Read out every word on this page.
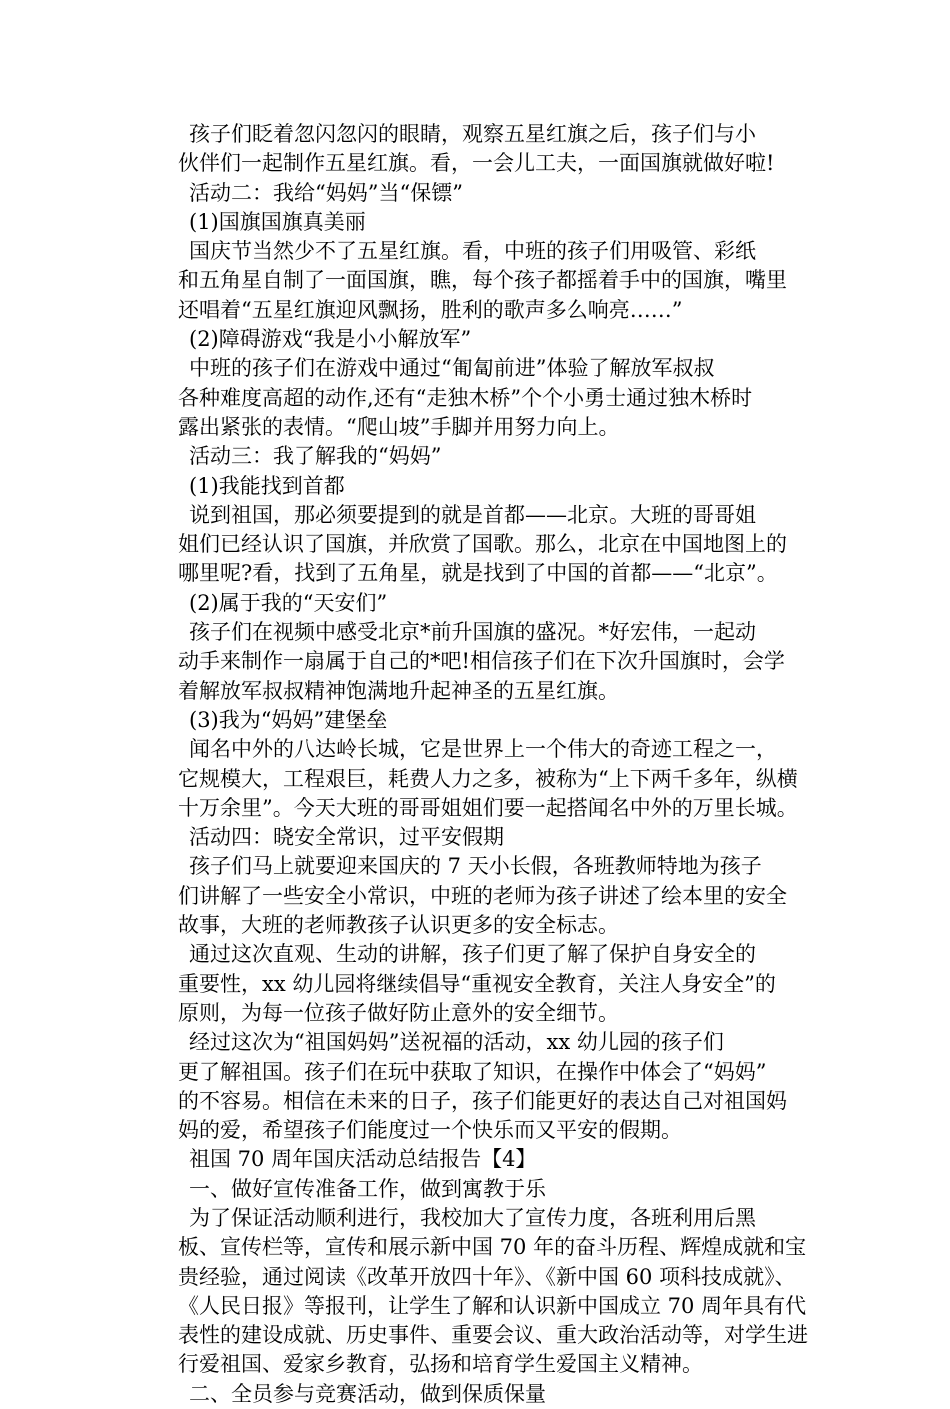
孩子们眨着忽闪忽闪的眼睛，观察五星红旗之后，孩子们与小
伙伴们一起制作五星红旗。看，一会儿工夫，一面国旗就做好啦!
活动二：我给“妈妈”当“保镖”
(1)国旗国旗真美丽
国庆节当然少不了五星红旗。看，中班的孩子们用吸管、彩纸
和五角星自制了一面国旗，瞧，每个孩子都摇着手中的国旗，嘴里
还唱着“五星红旗迎风飘扬，胜利的歌声多么响亮……”
(2)障碍游戏“我是小小解放军”
中班的孩子们在游戏中通过“匍匐前进”体验了解放军叔叔
各种难度高超的动作,还有“走独木桥”个个小勇士通过独木桥时
露出紧张的表情。“爬山坡”手脚并用努力向上。
活动三：我了解我的“妈妈”
(1)我能找到首都
说到祖国，那必须要提到的就是首都——北京。大班的哥哥姐
姐们已经认识了国旗，并欣赏了国歌。那么，北京在中国地图上的
哪里呢?看，找到了五角星，就是找到了中国的首都——“北京”。
(2)属于我的“天安们”
孩子们在视频中感受北京*前升国旗的盛况。*好宏伟，一起动
动手来制作一扇属于自己的*吧!相信孩子们在下次升国旗时，会学
着解放军叔叔精神饱满地升起神圣的五星红旗。
(3)我为“妈妈”建堡垒
闻名中外的八达岭长城，它是世界上一个伟大的奇迹工程之一，
它规模大，工程艰巨，耗费人力之多，被称为“上下两千多年，纵横
十万余里”。今天大班的哥哥姐姐们要一起搭闻名中外的万里长城。
活动四：晓安全常识，过平安假期
孩子们马上就要迎来国庆的 7 天小长假，各班教师特地为孩子
们讲解了一些安全小常识，中班的老师为孩子讲述了绘本里的安全
故事，大班的老师教孩子认识更多的安全标志。
通过这次直观、生动的讲解，孩子们更了解了保护自身安全的
重要性，xx 幼儿园将继续倡导“重视安全教育，关注人身安全”的
原则，为每一位孩子做好防止意外的安全细节。
经过这次为“祖国妈妈”送祝福的活动，xx 幼儿园的孩子们
更了解祖国。孩子们在玩中获取了知识，在操作中体会了“妈妈”
的不容易。相信在未来的日子，孩子们能更好的表达自己对祖国妈
妈的爱，希望孩子们能度过一个快乐而又平安的假期。
祖国 70 周年国庆活动总结报告【4】
一、做好宣传准备工作，做到寓教于乐
为了保证活动顺利进行，我校加大了宣传力度，各班利用后黑
板、宣传栏等，宣传和展示新中国 70 年的奋斗历程、辉煌成就和宝
贵经验，通过阅读《改革开放四十年》、《新中国 60 项科技成就》、
《人民日报》等报刊，让学生了解和认识新中国成立 70 周年具有代
表性的建设成就、历史事件、重要会议、重大政治活动等，对学生进
行爱祖国、爱家乡教育，弘扬和培育学生爱国主义精神。
二、全员参与竞赛活动，做到保质保量
